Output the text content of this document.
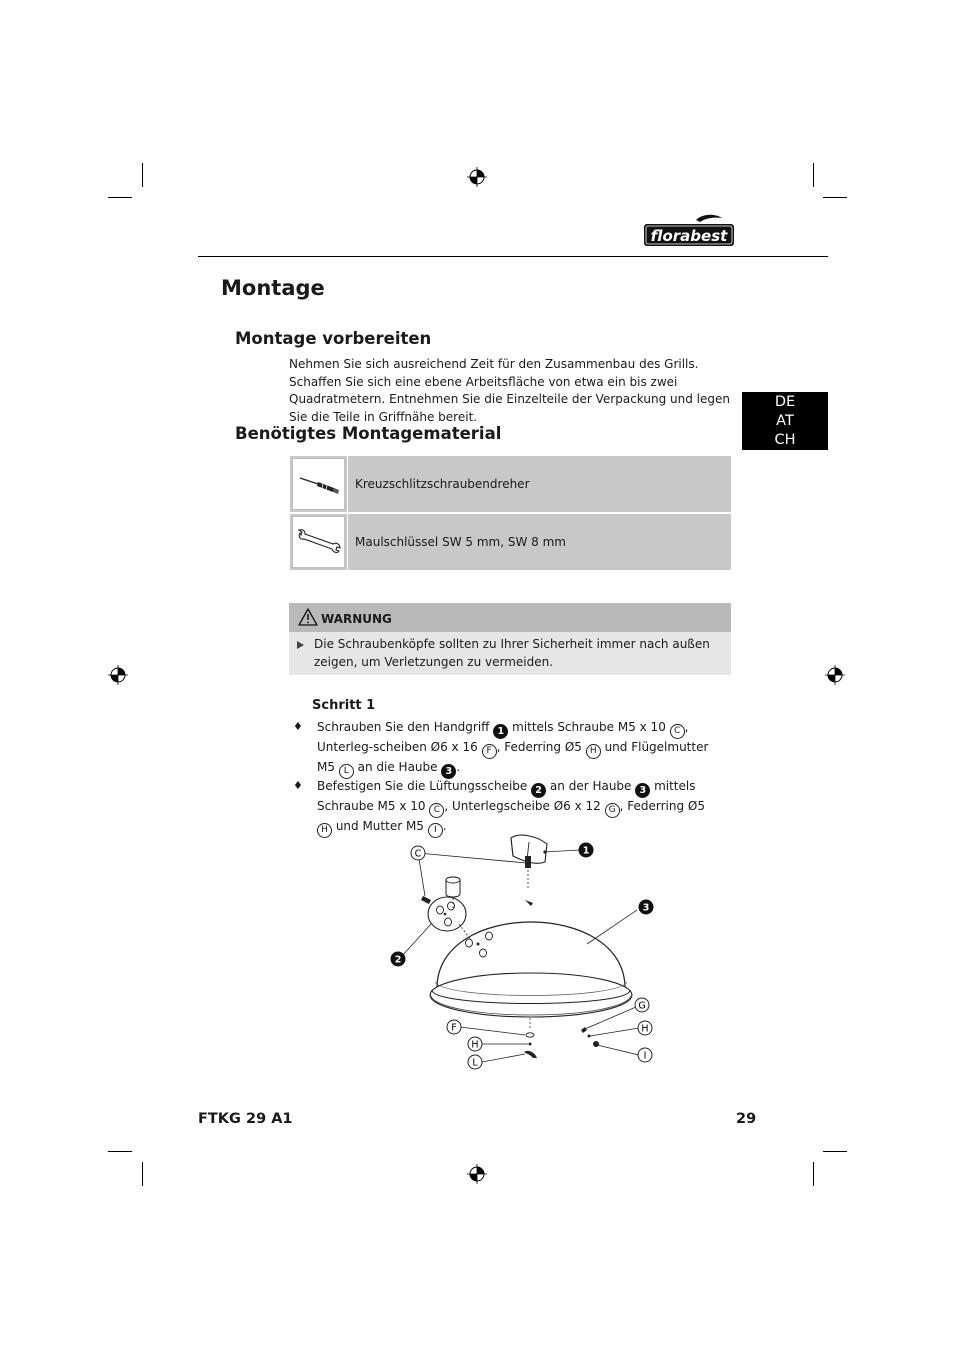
florabest
Montage
Montage vorbereiten
Nehmen Sie sich ausreichend Zeit für den Zusammenbau des Grills. Schaffen Sie sich eine ebene Arbeitsfläche von etwa ein bis zwei Quadratmetern. Entnehmen Sie die Einzelteile der Verpackung und legen Sie die Teile in Griffnähe bereit.
DE
AT
CH
Benötigtes Montagematerial
Kreuzschlitzschraubendreher
Maulschlüssel SW 5 mm, SW 8 mm
WARNUNG
Die Schraubenköpfe sollten zu Ihrer Sicherheit immer nach außen zeigen, um Verletzungen zu vermeiden.
Schritt 1
♦ Schrauben Sie den Handgriff 1 mittels Schraube M5 x 10 C , Unterleg-scheiben Ø6 x 16 F , Federring Ø5 H und Flügelmutter M5 L an die Haube 3 .
♦ Befestigen Sie die Lüftungsscheibe 2 an der Haube 3 mittels Schraube M5 x 10 C , Unterlegscheibe Ø6 x 12 G , Federring Ø5 H und Mutter M5 I .
C	1
3
2
G
H
I
F
H
L
FTKG 29 A1	29
